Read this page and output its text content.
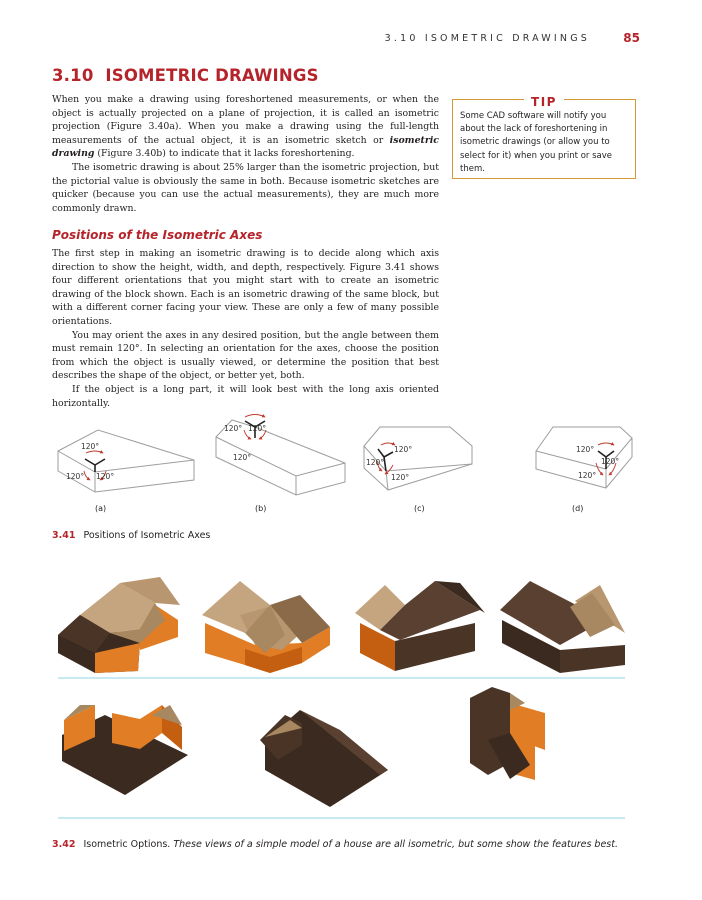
3.10 ISOMETRIC DRAWINGS	85
3.10 ISOMETRIC DRAWINGS

When you make a drawing using foreshortened measurements, or when the object is actually projected on a plane of projection, it is called an isometric projection (Figure 3.40a). When you make a drawing using the full-length measurements of the actual object, it is an isometric sketch or isometric drawing (Figure 3.40b) to indicate that it lacks foreshortening.

The isometric drawing is about 25% larger than the isometric projection, but the pictorial value is obviously the same in both. Because isometric sketches are quicker (because you can use the actual measurements), they are much more commonly drawn.

TIP
Some CAD software will notify you about the lack of foreshortening in isometric drawings (or allow you to select for it) when you print or save them.
Positions of the Isometric Axes

The first step in making an isometric drawing is to decide along which axis direction to show the height, width, and depth, respectively. Figure 3.41 shows four different orientations that you might start with to create an isometric drawing of the block shown. Each is an isometric drawing of the same block, but with a different corner facing your view. These are only a few of many possible orientations.

You may orient the axes in any desired position, but the angle between them must remain 120°. In selecting an orientation for the axes, choose the position from which the object is usually viewed, or determine the position that best describes the shape of the object, or better yet, both.

If the object is a long part, it will look best with the long axis oriented horizontally.

120°
120° 120°
120° 120°
120°
120°
120°
120°
120°
120°
120°
(a)	(b)	(c)	(d)
3.41 Positions of Isometric Axes
3.42 Isometric Options. These views of a simple model of a house are all isometric, but some show the features best.
